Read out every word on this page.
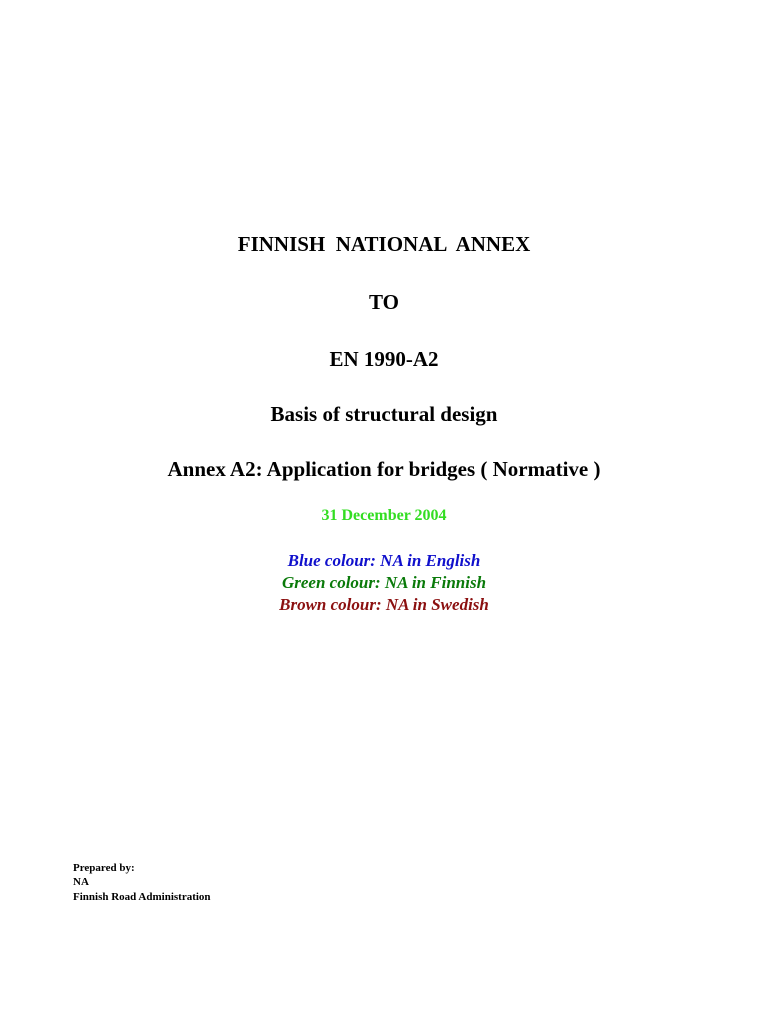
FINNISH  NATIONAL  ANNEX

TO

EN 1990-A2

Basis of structural design

Annex A2: Application for bridges ( Normative )

31 December 2004

Blue colour: NA in English

Green colour: NA in Finnish

Brown colour: NA in Swedish

Prepared by:

NA

Finnish Road Administration
